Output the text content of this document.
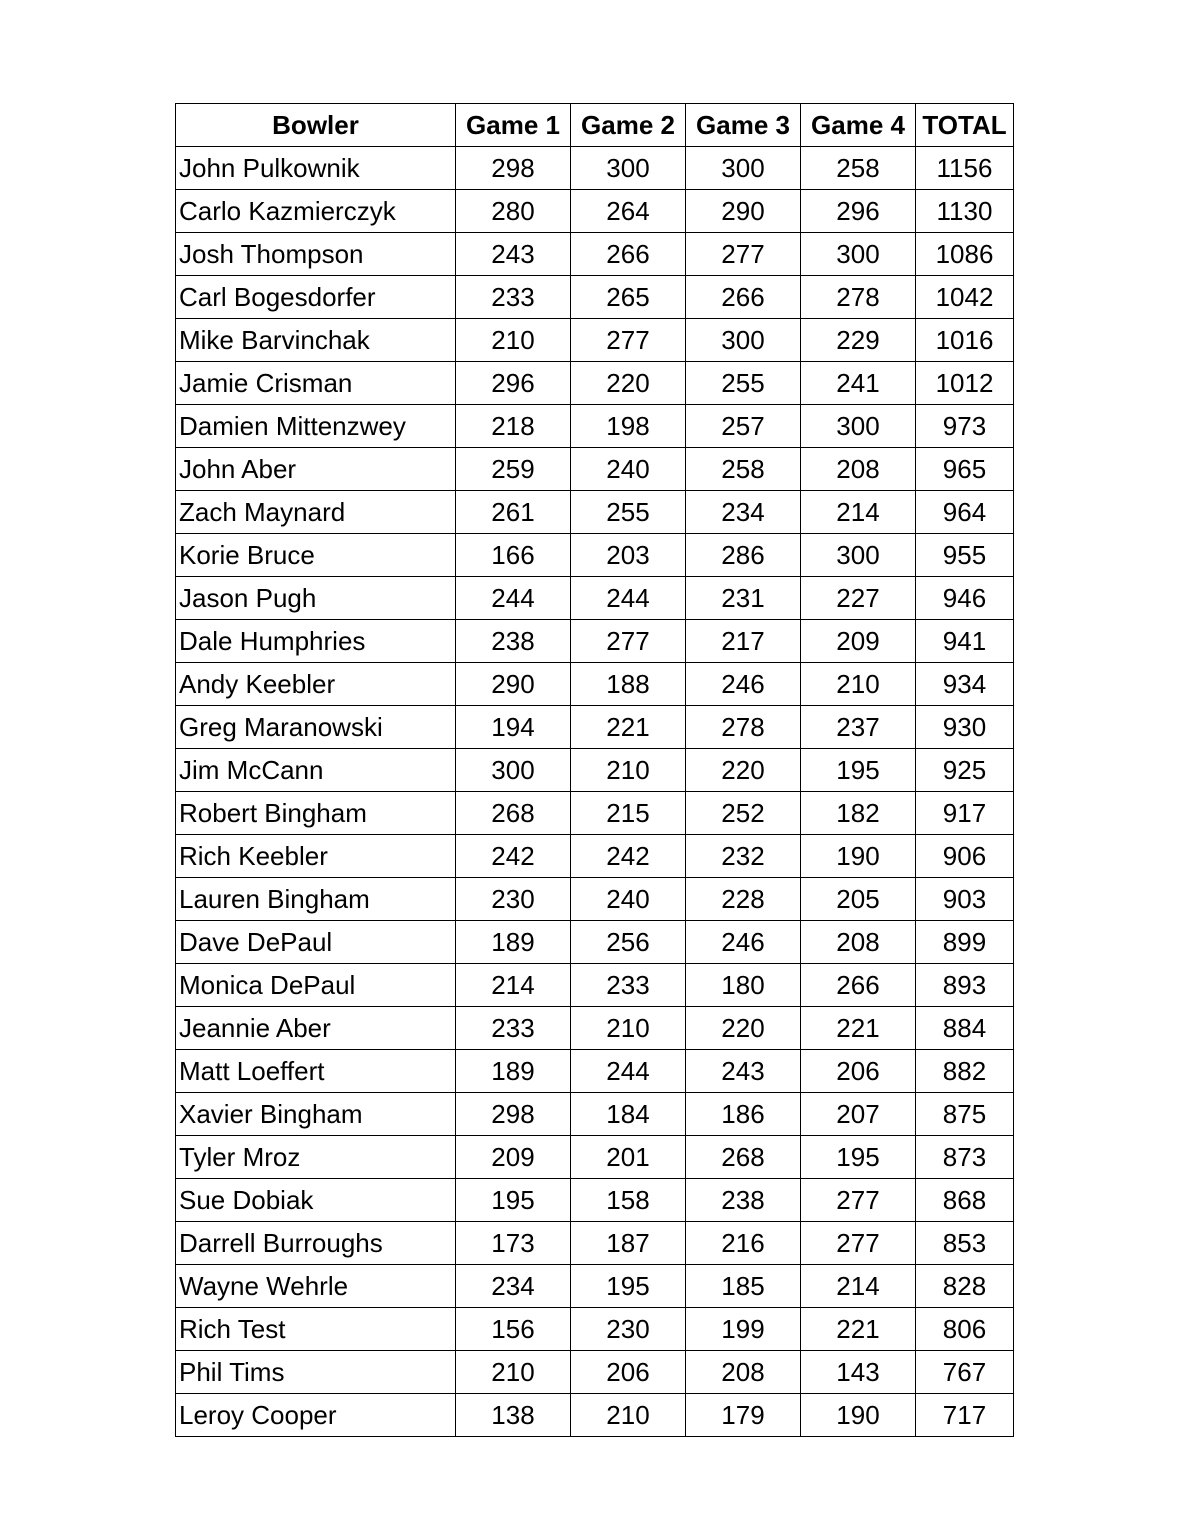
Bowler	Game 1	Game 2	Game 3	Game 4	TOTAL
John Pulkownik	298	300	300	258	1156
Carlo Kazmierczyk	280	264	290	296	1130
Josh Thompson	243	266	277	300	1086
Carl Bogesdorfer	233	265	266	278	1042
Mike Barvinchak	210	277	300	229	1016
Jamie Crisman	296	220	255	241	1012
Damien Mittenzwey	218	198	257	300	973
John Aber	259	240	258	208	965
Zach Maynard	261	255	234	214	964
Korie Bruce	166	203	286	300	955
Jason Pugh	244	244	231	227	946
Dale Humphries	238	277	217	209	941
Andy Keebler	290	188	246	210	934
Greg Maranowski	194	221	278	237	930
Jim McCann	300	210	220	195	925
Robert Bingham	268	215	252	182	917
Rich Keebler	242	242	232	190	906
Lauren Bingham	230	240	228	205	903
Dave DePaul	189	256	246	208	899
Monica DePaul	214	233	180	266	893
Jeannie Aber	233	210	220	221	884
Matt Loeffert	189	244	243	206	882
Xavier Bingham	298	184	186	207	875
Tyler Mroz	209	201	268	195	873
Sue Dobiak	195	158	238	277	868
Darrell Burroughs	173	187	216	277	853
Wayne Wehrle	234	195	185	214	828
Rich Test	156	230	199	221	806
Phil Tims	210	206	208	143	767
Leroy Cooper	138	210	179	190	717
